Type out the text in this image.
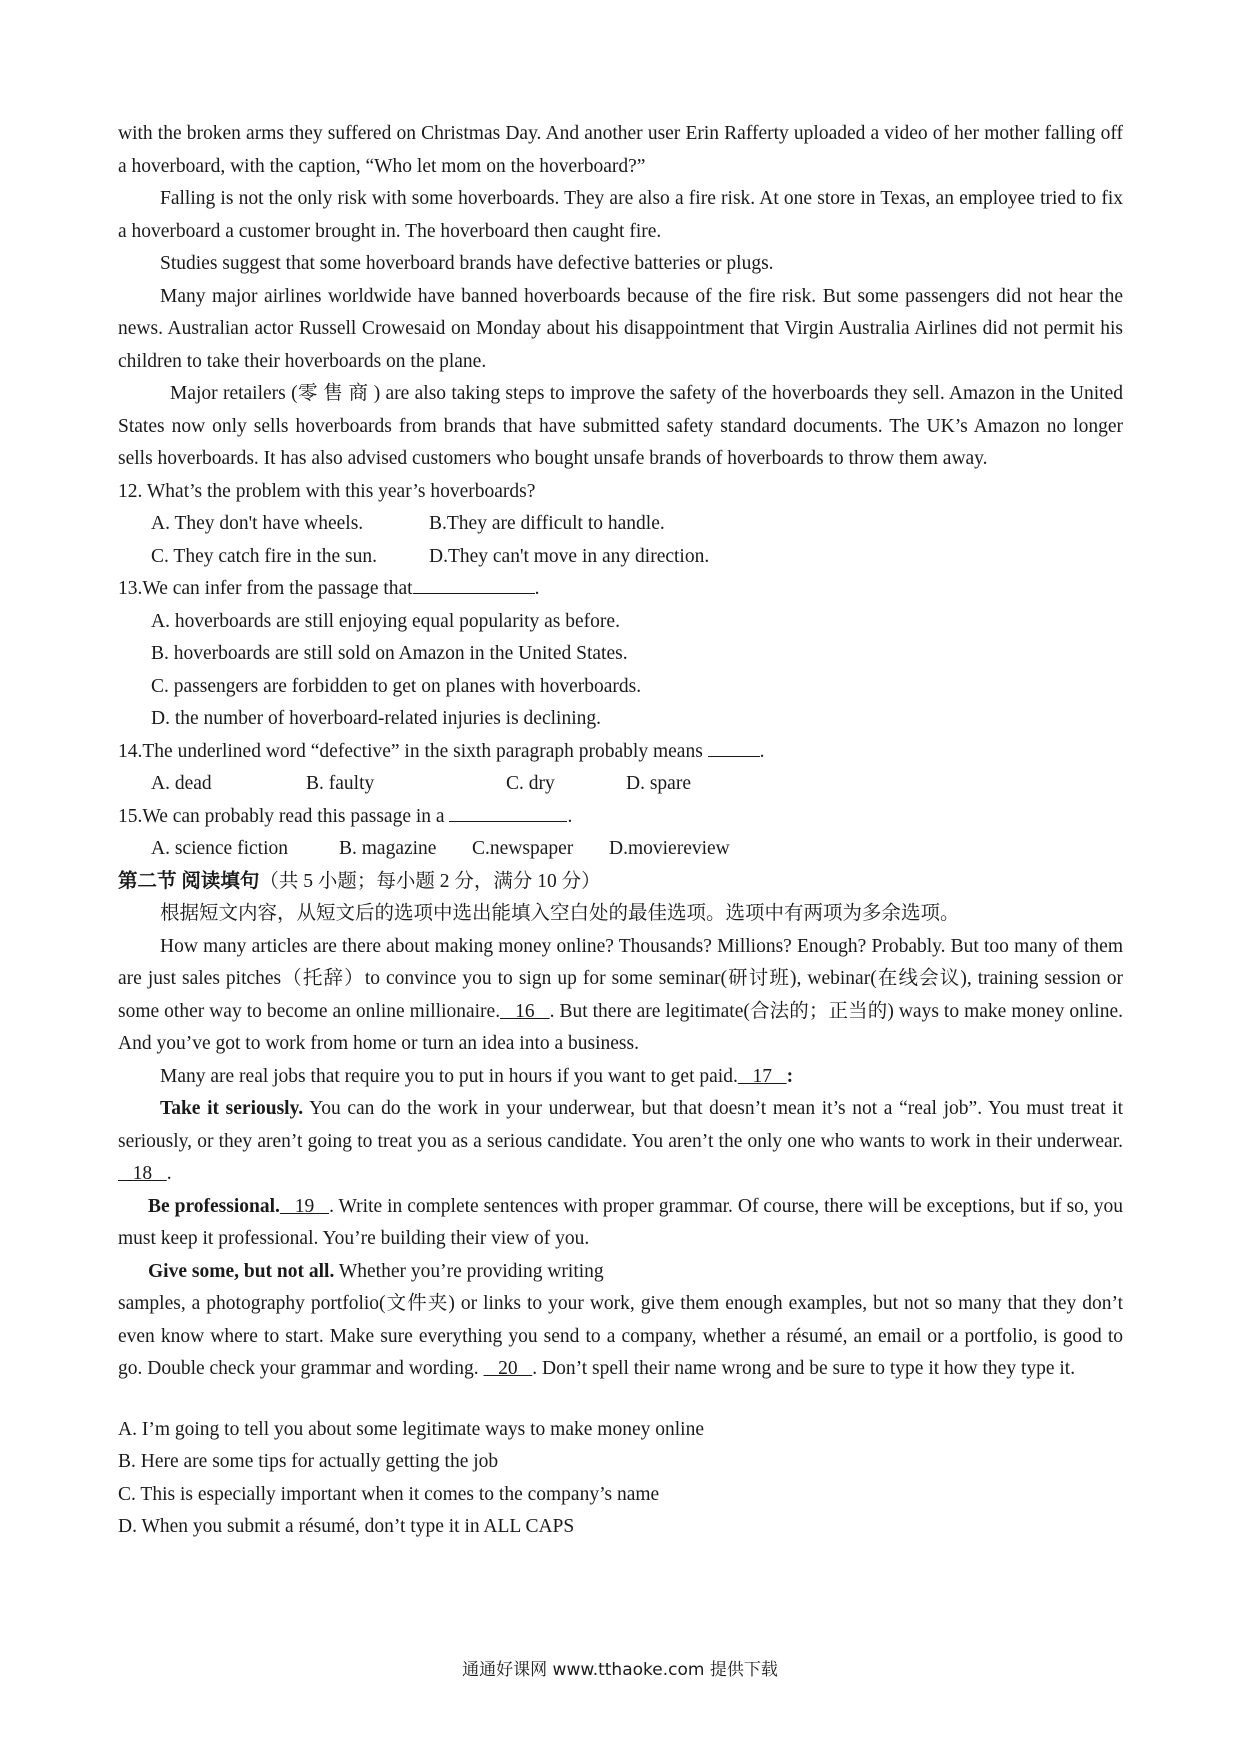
with the broken arms they suffered on Christmas Day. And another user Erin Rafferty uploaded a video of her mother falling off a hoverboard, with the caption, “Who let mom on the hoverboard?”

Falling is not the only risk with some hoverboards. They are also a fire risk. At one store in Texas, an employee tried to fix a hoverboard a customer brought in. The hoverboard then caught fire.

Studies suggest that some hoverboard brands have defective batteries or plugs.

Many major airlines worldwide have banned hoverboards because of the fire risk. But some passengers did not hear the news. Australian actor Russell Crowesaid on Monday about his disappointment that Virgin Australia Airlines did not permit his children to take their hoverboards on the plane.

Major retailers (零 售 商 ) are also taking steps to improve the safety of the hoverboards they sell. Amazon in the United States now only sells hoverboards from brands that have submitted safety standard documents. The UK’s Amazon no longer sells hoverboards. It has also advised customers who bought unsafe brands of hoverboards to throw them away.

12. What’s the problem with this year’s hoverboards?

A. They don't have wheels.	B.They are difficult to handle.
C. They catch fire in the sun.	D.They can't move in any direction.

13.We can infer from the passage that	.

A. hoverboards are still enjoying equal popularity as before.

B. hoverboards are still sold on Amazon in the United States.

C. passengers are forbidden to get on planes with hoverboards.

D. the number of hoverboard-related injuries is declining.

14.The underlined word “defective” in the sixth paragraph probably means	.

A. dead	B. faulty	C. dry	D. spare

15.We can probably read this passage in a	.

A. science fiction	B. magazine	C.newspaper	D.moviereview

第二节 阅读填句（共 5 小题；每小题 2 分，满分 10 分）

根据短文内容，从短文后的选项中选出能填入空白处的最佳选项。选项中有两项为多余选项。

How many articles are there about making money online? Thousands? Millions? Enough? Probably. But too many of them are just sales pitches（托辞）to convince you to sign up for some seminar(研讨班), webinar(在线会议), training session or some other way to become an online millionaire.   16   . But there are legitimate(合法的；正当的) ways to make money online. And you’ve got to work from home or turn an idea into a business.

Many are real jobs that require you to put in hours if you want to get paid.   17   :

Take it seriously. You can do the work in your underwear, but that doesn’t mean it’s not a “real job”. You must treat it seriously, or they aren’t going to treat you as a serious candidate. You aren’t the only one who wants to work in their underwear.   18   .

Be professional.   19   . Write in complete sentences with proper grammar. Of course, there will be exceptions, but if so, you must keep it professional. You’re building their view of you.

Give some, but not all. Whether you’re providing writing

samples, a photography portfolio(文件夹) or links to your work, give them enough examples, but not so many that they don’t even know where to start. Make sure everything you send to a company, whether a résumé, an email or a portfolio, is good to go. Double check your grammar and wording.    20   . Don’t spell their name wrong and be sure to type it how they type it.

A. I’m going to tell you about some legitimate ways to make money online

B. Here are some tips for actually getting the job

C. This is especially important when it comes to the company’s name

D. When you submit a résumé, don’t type it in ALL CAPS

通通好课网 www.tthaoke.com 提供下载
